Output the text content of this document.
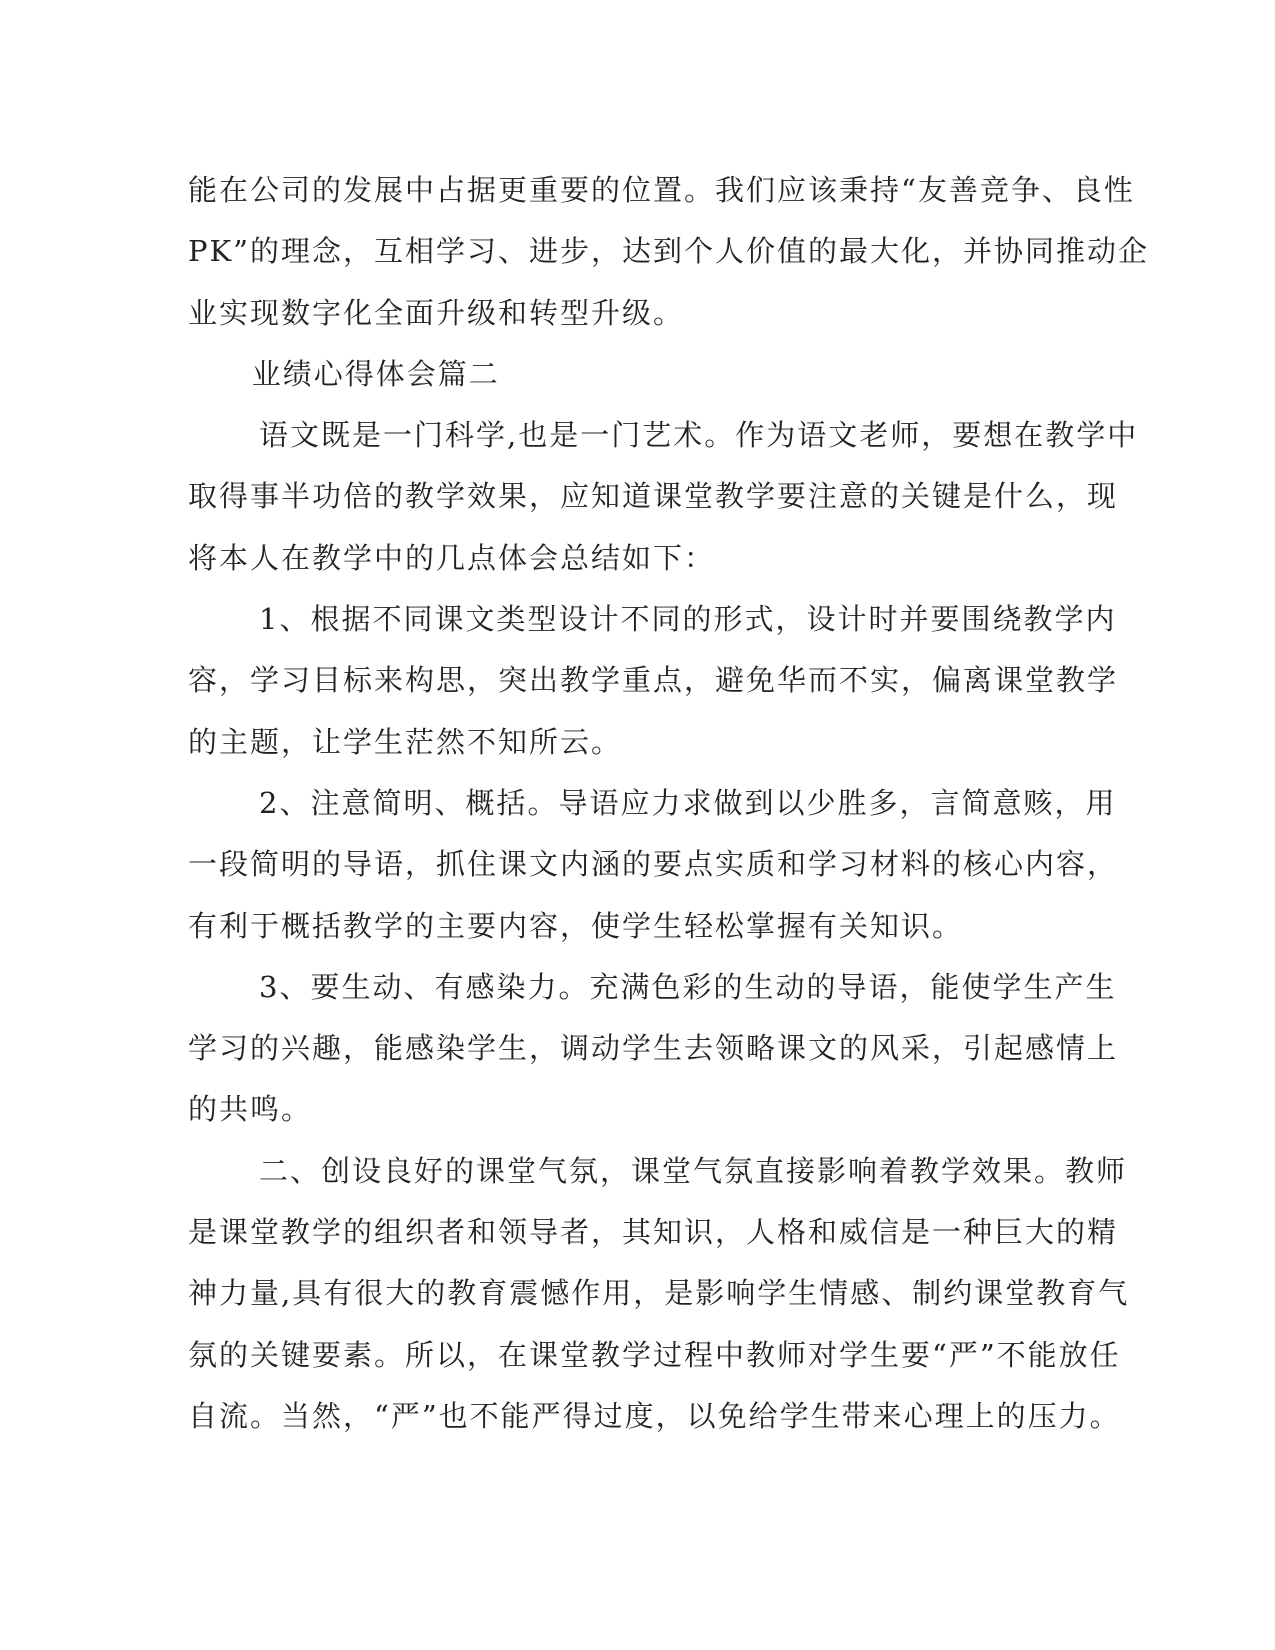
能在公司的发展中占据更重要的位置。我们应该秉持“友善竞争、良性
PK”的理念，互相学习、进步，达到个人价值的最大化，并协同推动企
业实现数字化全面升级和转型升级。

业绩心得体会篇二

语文既是一门科学,也是一门艺术。作为语文老师，要想在教学中
取得事半功倍的教学效果，应知道课堂教学要注意的关键是什么，现
将本人在教学中的几点体会总结如下：

1、根据不同课文类型设计不同的形式，设计时并要围绕教学内
容，学习目标来构思，突出教学重点，避免华而不实，偏离课堂教学
的主题，让学生茫然不知所云。

2、注意简明、概括。导语应力求做到以少胜多，言简意赅，用
一段简明的导语，抓住课文内涵的要点实质和学习材料的核心内容，
有利于概括教学的主要内容，使学生轻松掌握有关知识。

3、要生动、有感染力。充满色彩的生动的导语，能使学生产生
学习的兴趣，能感染学生，调动学生去领略课文的风采，引起感情上
的共鸣。

二、创设良好的课堂气氛，课堂气氛直接影响着教学效果。教师
是课堂教学的组织者和领导者，其知识，人格和威信是一种巨大的精
神力量,具有很大的教育震憾作用，是影响学生情感、制约课堂教育气
氛的关键要素。所以，在课堂教学过程中教师对学生要“严”不能放任
自流。当然，“严”也不能严得过度，以免给学生带来心理上的压力。
